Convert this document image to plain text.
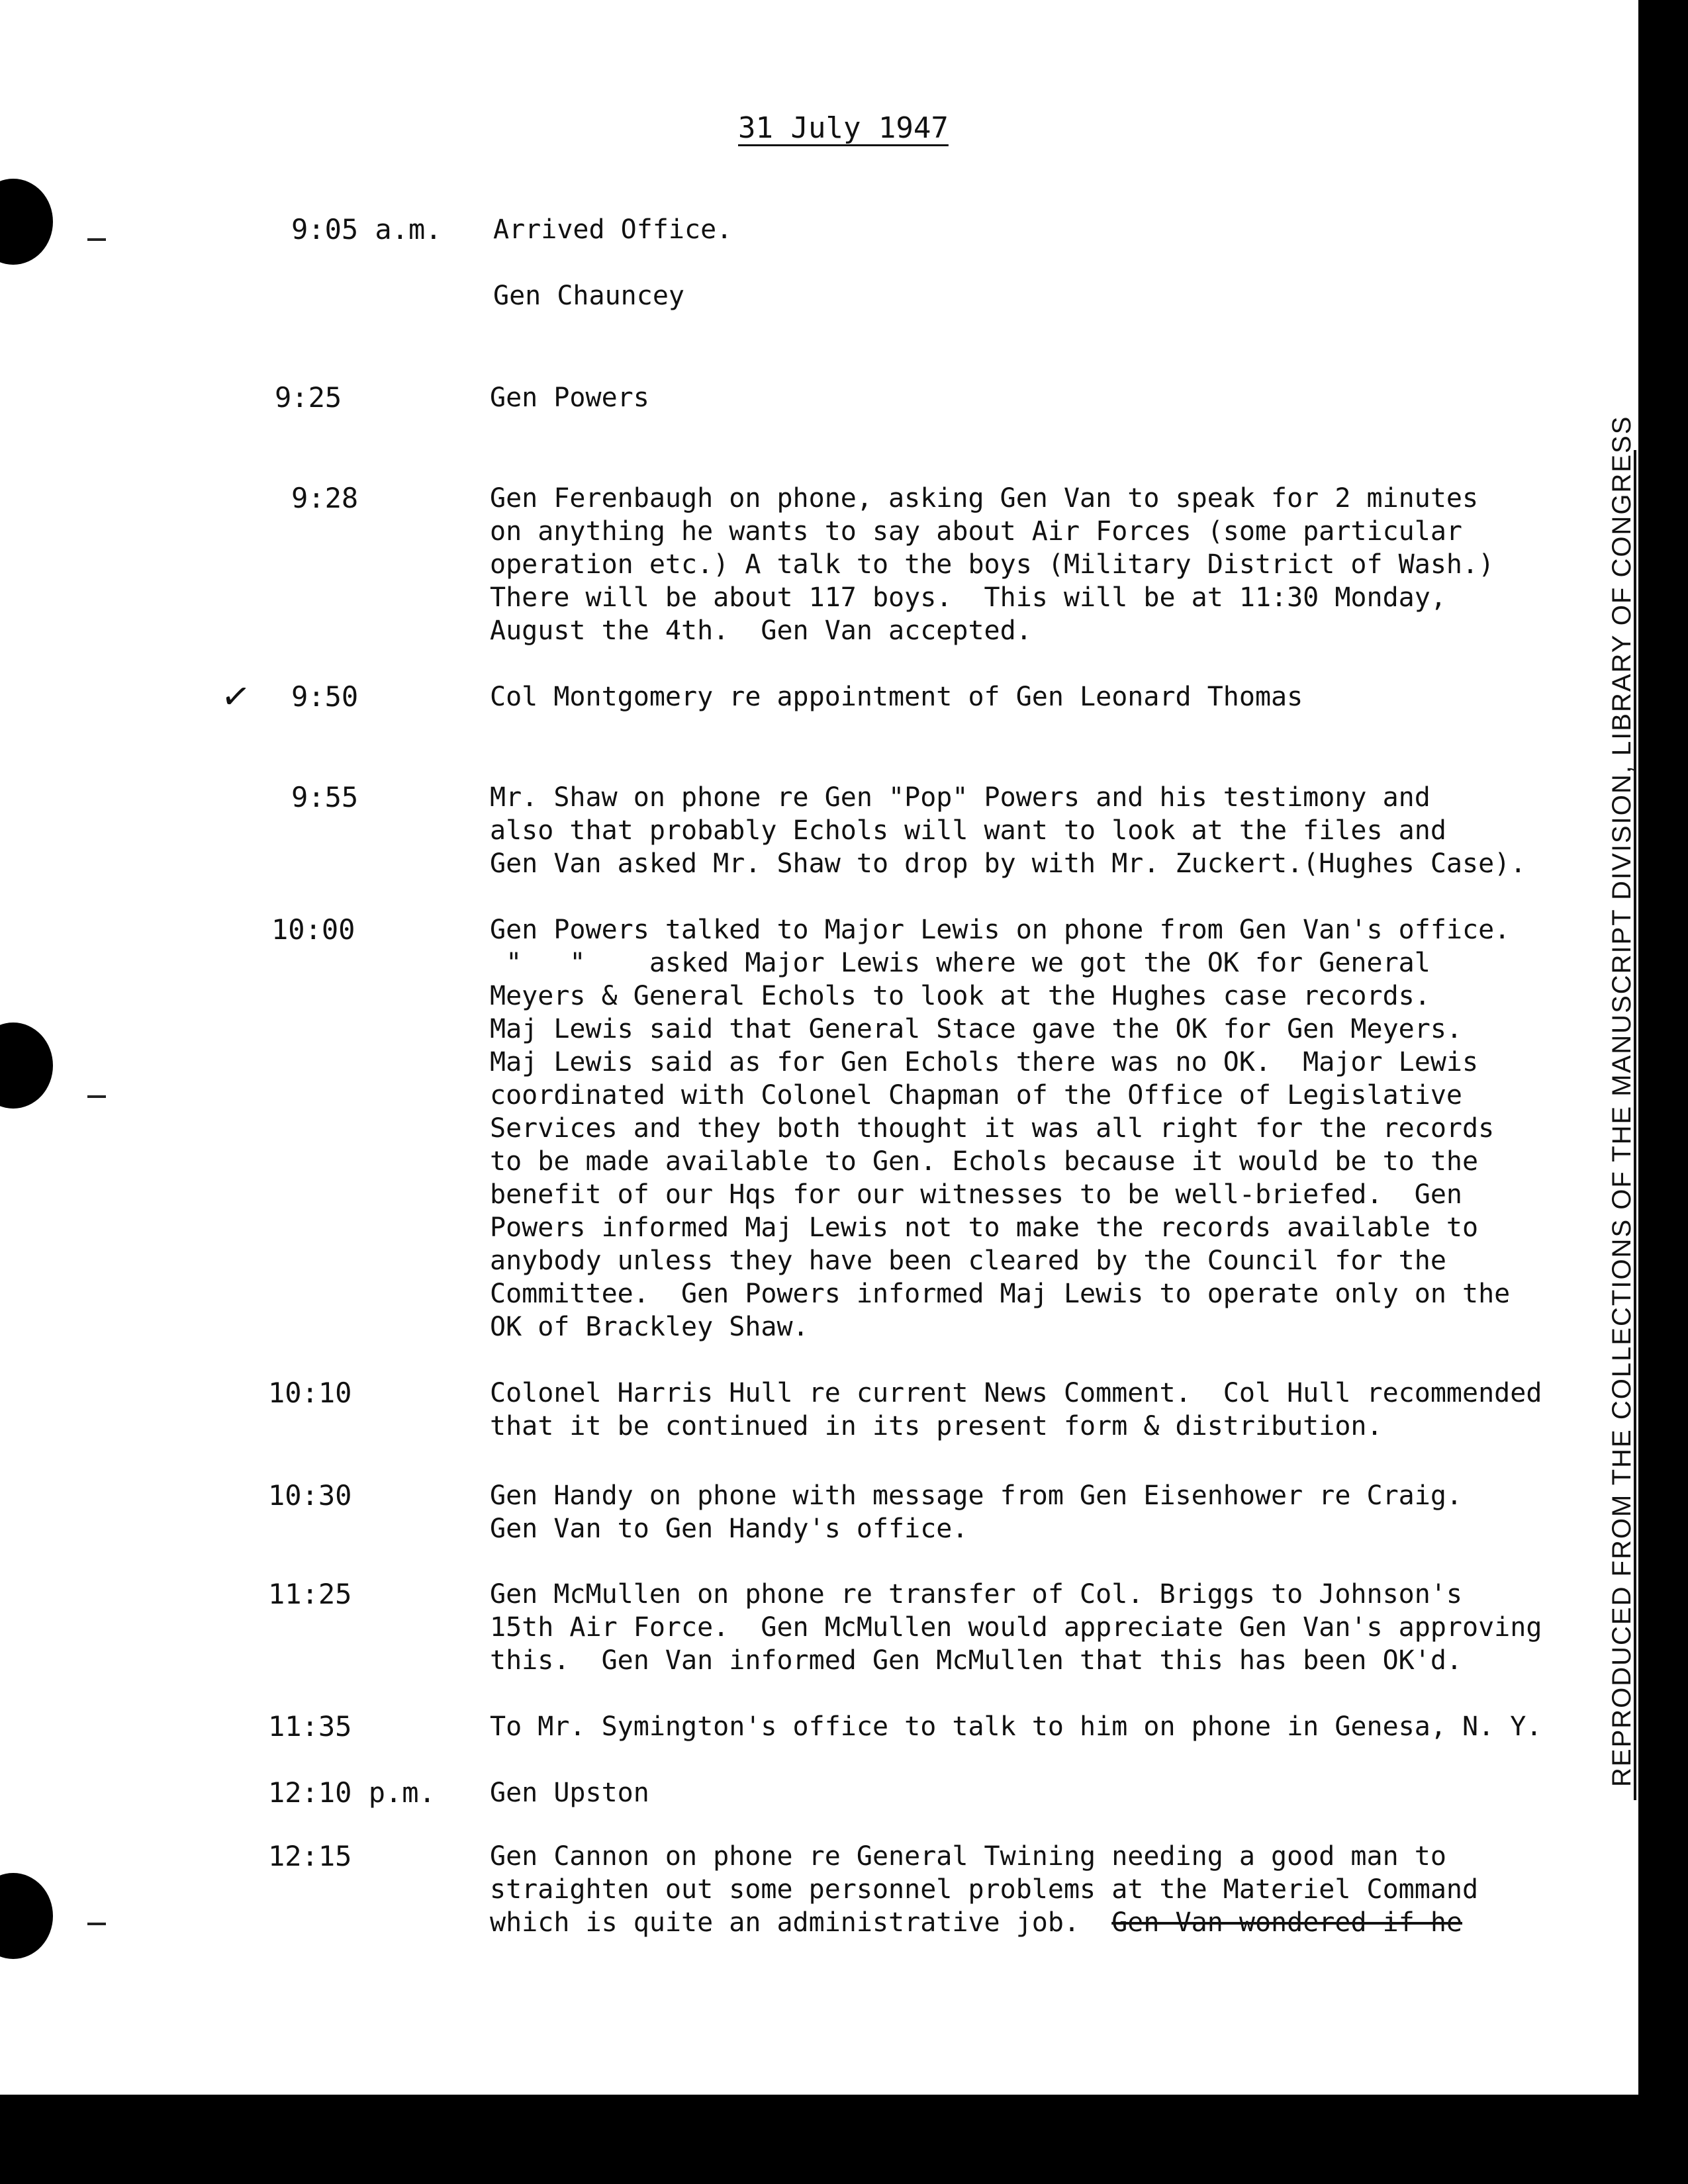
31 July 1947
✓
9:05 a.m.	Arrived Office.

Gen Chauncey
9:25	Gen Powers
9:28	Gen Ferenbaugh on phone, asking Gen Van to speak for 2 minutes
on anything he wants to say about Air Forces (some particular
operation etc.) A talk to the boys (Military District of Wash.)
There will be about 117 boys.  This will be at 11:30 Monday,
August the 4th.  Gen Van accepted.
9:50	Col Montgomery re appointment of Gen Leonard Thomas
9:55	Mr. Shaw on phone re Gen "Pop" Powers and his testimony and
also that probably Echols will want to look at the files and
Gen Van asked Mr. Shaw to drop by with Mr. Zuckert.(Hughes Case).
10:00	Gen Powers talked to Major Lewis on phone from Gen Van's office.
"   "    asked Major Lewis where we got the OK for General
Meyers & General Echols to look at the Hughes case records.
Maj Lewis said that General Stace gave the OK for Gen Meyers.
Maj Lewis said as for Gen Echols there was no OK.  Major Lewis
coordinated with Colonel Chapman of the Office of Legislative
Services and they both thought it was all right for the records
to be made available to Gen. Echols because it would be to the
benefit of our Hqs for our witnesses to be well-briefed.  Gen
Powers informed Maj Lewis not to make the records available to
anybody unless they have been cleared by the Council for the
Committee.  Gen Powers informed Maj Lewis to operate only on the
OK of Brackley Shaw.
10:10	Colonel Harris Hull re current News Comment.  Col Hull recommended
that it be continued in its present form & distribution.
10:30	Gen Handy on phone with message from Gen Eisenhower re Craig.
Gen Van to Gen Handy's office.
11:25	Gen McMullen on phone re transfer of Col. Briggs to Johnson's
15th Air Force.  Gen McMullen would appreciate Gen Van's approving
this.  Gen Van informed Gen McMullen that this has been OK'd.
11:35	To Mr. Symington's office to talk to him on phone in Genesa, N. Y.
12:10 p.m.	Gen Upston
12:15	Gen Cannon on phone re General Twining needing a good man to
straighten out some personnel problems at the Materiel Command
which is quite an administrative job. Gen Van wondered if he
REPRODUCED FROM THE COLLECTIONS OF THE MANUSCRIPT DIVISION, LIBRARY OF CONGRESS
